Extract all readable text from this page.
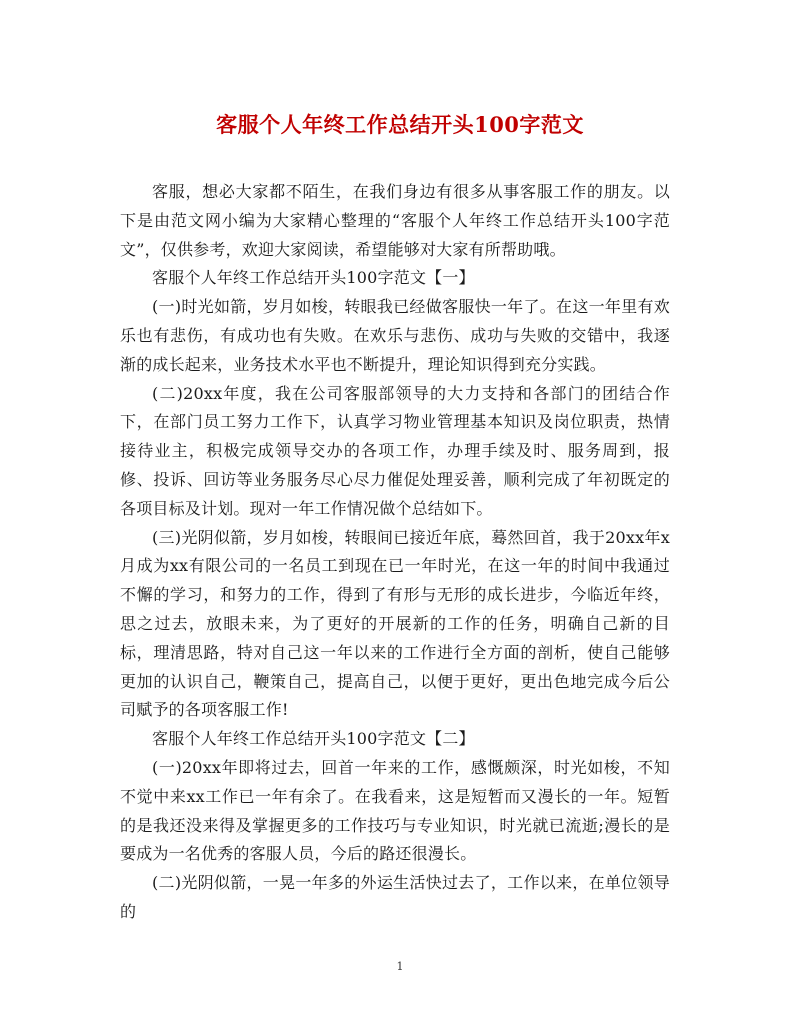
客服个人年终工作总结开头100字范文

客服，想必大家都不陌生，在我们身边有很多从事客服工作的朋友。以下是由范文网小编为大家精心整理的“客服个人年终工作总结开头100字范文”，仅供参考，欢迎大家阅读，希望能够对大家有所帮助哦。

客服个人年终工作总结开头100字范文【一】

(一)时光如箭，岁月如梭，转眼我已经做客服快一年了。在这一年里有欢乐也有悲伤，有成功也有失败。在欢乐与悲伤、成功与失败的交错中，我逐渐的成长起来，业务技术水平也不断提升，理论知识得到充分实践。

(二)20xx年度，我在公司客服部领导的大力支持和各部门的团结合作下，在部门员工努力工作下，认真学习物业管理基本知识及岗位职责，热情接待业主，积极完成领导交办的各项工作，办理手续及时、服务周到，报修、投诉、回访等业务服务尽心尽力催促处理妥善，顺利完成了年初既定的各项目标及计划。现对一年工作情况做个总结如下。

(三)光阴似箭，岁月如梭，转眼间已接近年底，蓦然回首，我于20xx年x月成为xx有限公司的一名员工到现在已一年时光，在这一年的时间中我通过不懈的学习，和努力的工作，得到了有形与无形的成长进步，今临近年终，思之过去，放眼未来，为了更好的开展新的工作的任务，明确自己新的目标，理清思路，特对自己这一年以来的工作进行全方面的剖析，使自己能够更加的认识自己，鞭策自己，提高自己，以便于更好，更出色地完成今后公司赋予的各项客服工作!

客服个人年终工作总结开头100字范文【二】

(一)20xx年即将过去，回首一年来的工作，感慨颇深，时光如梭，不知不觉中来xx工作已一年有余了。在我看来，这是短暂而又漫长的一年。短暂的是我还没来得及掌握更多的工作技巧与专业知识，时光就已流逝;漫长的是要成为一名优秀的客服人员，今后的路还很漫长。

(二)光阴似箭，一晃一年多的外运生活快过去了，工作以来，在单位领导的

1
